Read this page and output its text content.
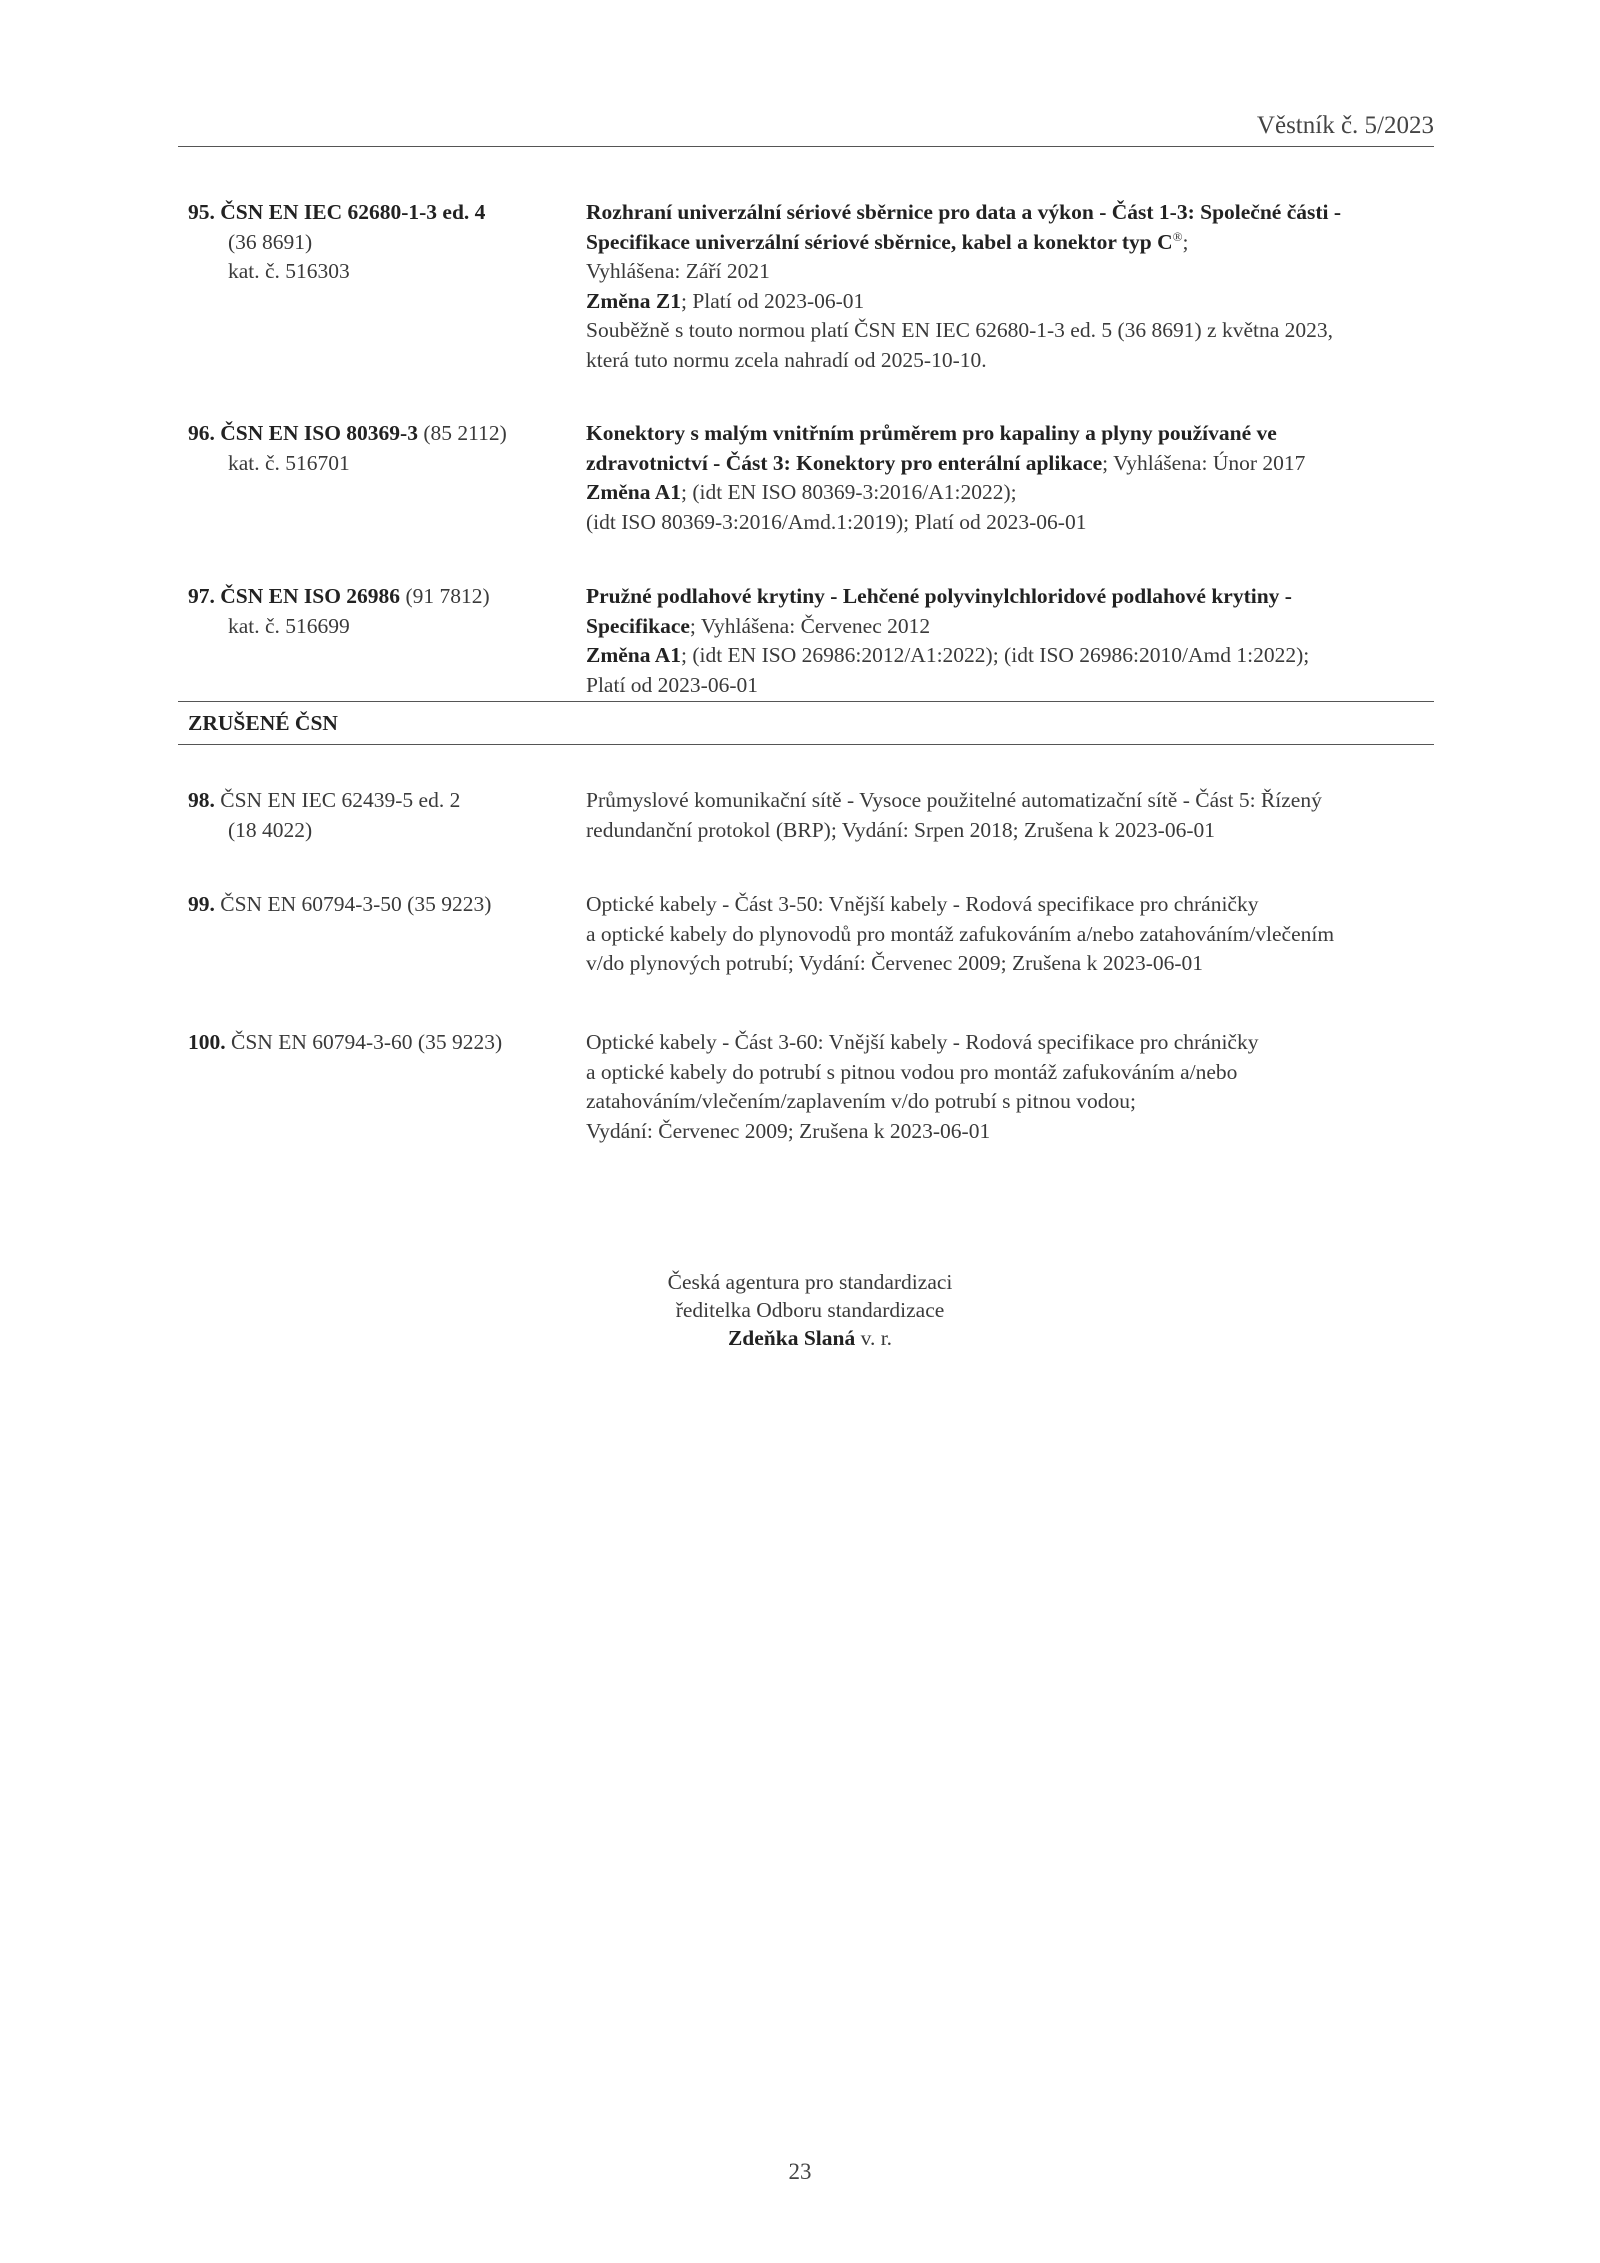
Věstník č. 5/2023
95. ČSN EN IEC 62680-1-3 ed. 4
(36 8691)
kat. č. 516303
Rozhraní univerzální sériové sběrnice pro data a výkon - Část 1-3: Společné části -
Specifikace univerzální sériové sběrnice, kabel a konektor typ C®;
Vyhlášena: Září 2021
Změna Z1; Platí od 2023-06-01
Souběžně s touto normou platí ČSN EN IEC 62680-1-3 ed. 5 (36 8691) z května 2023,
která tuto normu zcela nahradí od 2025-10-10.
96. ČSN EN ISO 80369-3 (85 2112)
kat. č. 516701
Konektory s malým vnitřním průměrem pro kapaliny a plyny používané ve
zdravotnictví - Část 3: Konektory pro enterální aplikace; Vyhlášena: Únor 2017
Změna A1; (idt EN ISO 80369-3:2016/A1:2022);
(idt ISO 80369-3:2016/Amd.1:2019); Platí od 2023-06-01
97. ČSN EN ISO 26986 (91 7812)
kat. č. 516699
Pružné podlahové krytiny - Lehčené polyvinylchloridové podlahové krytiny -
Specifikace; Vyhlášena: Červenec 2012
Změna A1; (idt EN ISO 26986:2012/A1:2022); (idt ISO 26986:2010/Amd 1:2022);
Platí od 2023-06-01
ZRUŠENÉ ČSN
98. ČSN EN IEC 62439-5 ed. 2
(18 4022)
Průmyslové komunikační sítě - Vysoce použitelné automatizační sítě - Část 5: Řízený
redundanční protokol (BRP); Vydání: Srpen 2018; Zrušena k 2023-06-01
99. ČSN EN 60794-3-50 (35 9223)	Optické kabely - Část 3-50: Vnější kabely - Rodová specifikace pro chráničky
a optické kabely do plynovodů pro montáž zafukováním a/nebo zatahováním/vlečením
v/do plynových potrubí; Vydání: Červenec 2009; Zrušena k 2023-06-01
100. ČSN EN 60794-3-60 (35 9223)	Optické kabely - Část 3-60: Vnější kabely - Rodová specifikace pro chráničky
a optické kabely do potrubí s pitnou vodou pro montáž zafukováním a/nebo
zatahováním/vlečením/zaplavením v/do potrubí s pitnou vodou;
Vydání: Červenec 2009; Zrušena k 2023-06-01
Česká agentura pro standardizaci
ředitelka Odboru standardizace
Zdeňka Slaná v. r.
23
